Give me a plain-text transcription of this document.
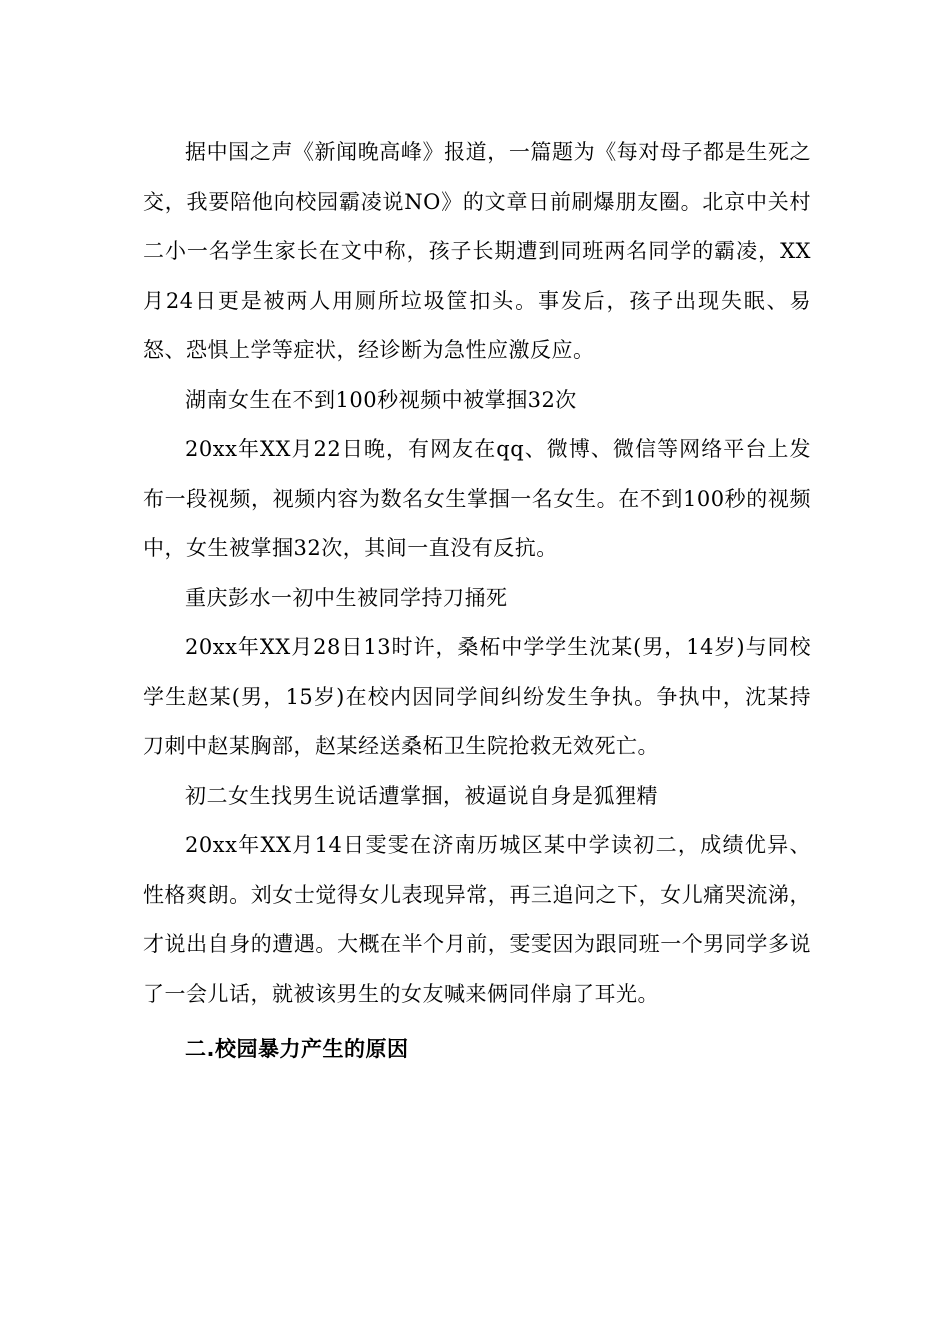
据中国之声《新闻晚高峰》报道，一篇题为《每对母子都是生死之交，我要陪他向校园霸凌说NO》的文章日前刷爆朋友圈。北京中关村二小一名学生家长在文中称，孩子长期遭到同班两名同学的霸凌，XX月24日更是被两人用厕所垃圾筐扣头。事发后，孩子出现失眠、易怒、恐惧上学等症状，经诊断为急性应激反应。

湖南女生在不到100秒视频中被掌掴32次

20xx年XX月22日晚，有网友在qq、微博、微信等网络平台上发布一段视频，视频内容为数名女生掌掴一名女生。在不到100秒的视频中，女生被掌掴32次，其间一直没有反抗。

重庆彭水一初中生被同学持刀捅死

20xx年XX月28日13时许，桑柘中学学生沈某(男，14岁)与同校学生赵某(男，15岁)在校内因同学间纠纷发生争执。争执中，沈某持刀刺中赵某胸部，赵某经送桑柘卫生院抢救无效死亡。

初二女生找男生说话遭掌掴，被逼说自身是狐狸精

20xx年XX月14日雯雯在济南历城区某中学读初二，成绩优异、性格爽朗。刘女士觉得女儿表现异常，再三追问之下，女儿痛哭流涕，才说出自身的遭遇。大概在半个月前，雯雯因为跟同班一个男同学多说了一会儿话，就被该男生的女友喊来俩同伴扇了耳光。

二.校园暴力产生的原因
